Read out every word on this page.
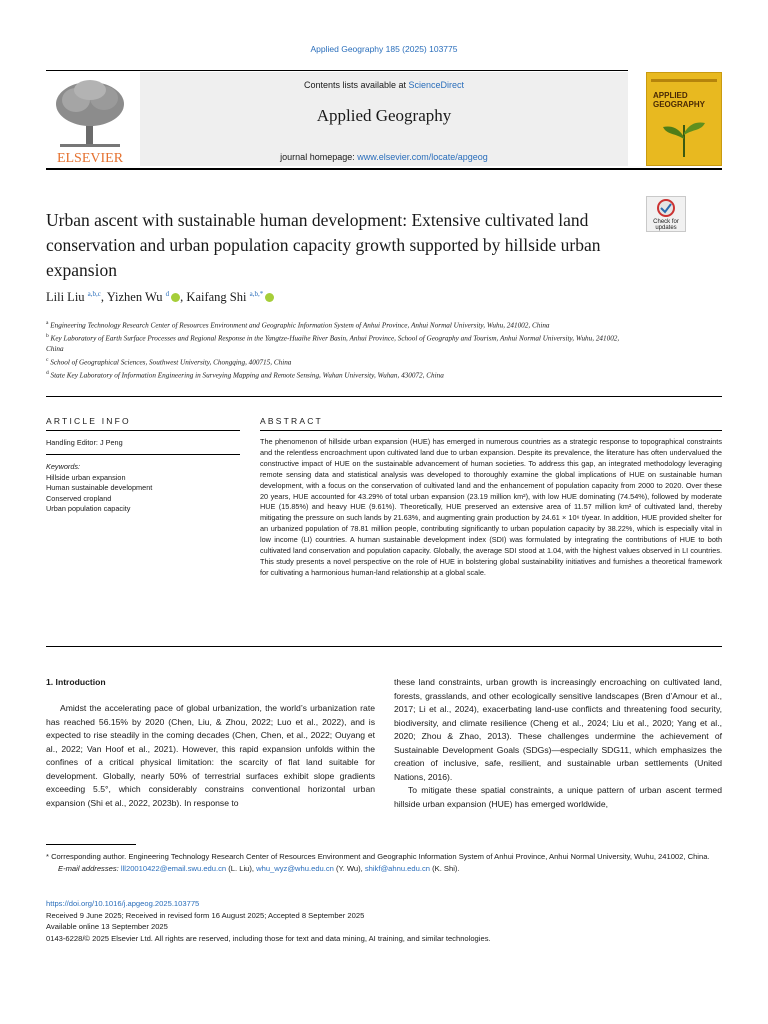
Applied Geography 185 (2025) 103775
ELSEVIER
Contents lists available at ScienceDirect
Applied Geography
journal homepage: www.elsevier.com/locate/apgeog
APPLIED
GEOGRAPHY
Urban ascent with sustainable human development: Extensive cultivated land conservation and urban population capacity growth supported by hillside urban expansion

Check for
updates
Lili Liu $^{a,b,c}$, Yizhen Wu $^d$ , Kaifang Shi $^{a,b,*}$
$^a$ Engineering Technology Research Center of Resources Environment and Geographic Information System of Anhui Province, Anhui Normal University, Wuhu, 241002, China
$^b$ Key Laboratory of Earth Surface Processes and Regional Response in the Yangtze-Huaihe River Basin, Anhui Province, School of Geography and Tourism, Anhui Normal University, Wuhu, 241002, China
$^c$ School of Geographical Sciences, Southwest University, Chongqing, 400715, China
$^d$ State Key Laboratory of Information Engineering in Surveying Mapping and Remote Sensing, Wuhan University, Wuhan, 430072, China
ARTICLE INFO	ABSTRACT
Handling Editor: J Peng
Keywords:
Hillside urban expansion
Human sustainable development
Conserved cropland
Urban population capacity

The phenomenon of hillside urban expansion (HUE) has emerged in numerous countries as a strategic response to topographical constraints and the relentless encroachment upon cultivated land due to urban expansion. Despite its prevalence, the literature has often undervalued the constructive impact of HUE on the sustainable advancement of human societies. To address this gap, an integrated methodology leveraging remote sensing data and statistical analysis was developed to thoroughly examine the global implications of HUE on sustainable human development, with a focus on the conservation of cultivated land and the enhancement of population capacity from 2000 to 2020. Over these 20 years, HUE accounted for 43.29% of total urban expansion (23.19 million km²), with low HUE dominating (74.54%), followed by moderate HUE (15.85%) and heavy HUE (9.61%). Theoretically, HUE preserved an extensive area of 11.57 million km² of cultivated land, thereby mitigating the pressure on such lands by 21.63%, and augmenting grain production by 24.61 × 10⁶ t/year. In addition, HUE provided shelter for an urbanized population of 78.81 million people, contributing significantly to urban population capacity by 38.22%, which is especially vital in low income (LI) countries. A human sustainable development index (SDI) was formulated by integrating the contributions of HUE to both cultivated land conservation and population capacity. Globally, the average SDI stood at 1.04, with the highest values observed in LI countries. This study presents a novel perspective on the role of HUE in bolstering global sustainability initiatives and furnishes a theoretical framework for cultivating a harmonious human-land relationship at a global scale.

1. Introduction

Amidst the accelerating pace of global urbanization, the world’s urbanization rate has reached 56.15% by 2020 (Chen, Liu, & Zhou, 2022; Luo et al., 2022), and is expected to rise steadily in the coming decades (Chen, Chen, et al., 2022; Ouyang et al., 2022; Van Hoof et al., 2021). However, this rapid expansion unfolds within the confines of a critical physical limitation: the scarcity of flat land suitable for development. Globally, nearly 50% of terrestrial surfaces exhibit slope gradients exceeding 5.5°, which considerably constrains conventional horizontal urban expansion (Shi et al., 2022, 2023b). In response to

these land constraints, urban growth is increasingly encroaching on cultivated land, forests, grasslands, and other ecologically sensitive landscapes (Bren d’Amour et al., 2017; Li et al., 2024), exacerbating land-use conflicts and threatening food security, biodiversity, and climate resilience (Cheng et al., 2024; Liu et al., 2020; Yang et al., 2020; Zhou & Zhao, 2013). These challenges undermine the achievement of Sustainable Development Goals (SDGs)—especially SDG11, which emphasizes the creation of inclusive, safe, resilient, and sustainable urban settlements (United Nations, 2016).

To mitigate these spatial constraints, a unique pattern of urban ascent termed hillside urban expansion (HUE) has emerged worldwide,

* Corresponding author. Engineering Technology Research Center of Resources Environment and Geographic Information System of Anhui Province, Anhui Normal University, Wuhu, 241002, China.
E-mail addresses: lll20010422@email.swu.edu.cn (L. Liu), whu_wyz@whu.edu.cn (Y. Wu), shikf@ahnu.edu.cn (K. Shi).
https://doi.org/10.1016/j.apgeog.2025.103775
Received 9 June 2025; Received in revised form 16 August 2025; Accepted 8 September 2025
Available online 13 September 2025
0143-6228/© 2025 Elsevier Ltd. All rights are reserved, including those for text and data mining, AI training, and similar technologies.
